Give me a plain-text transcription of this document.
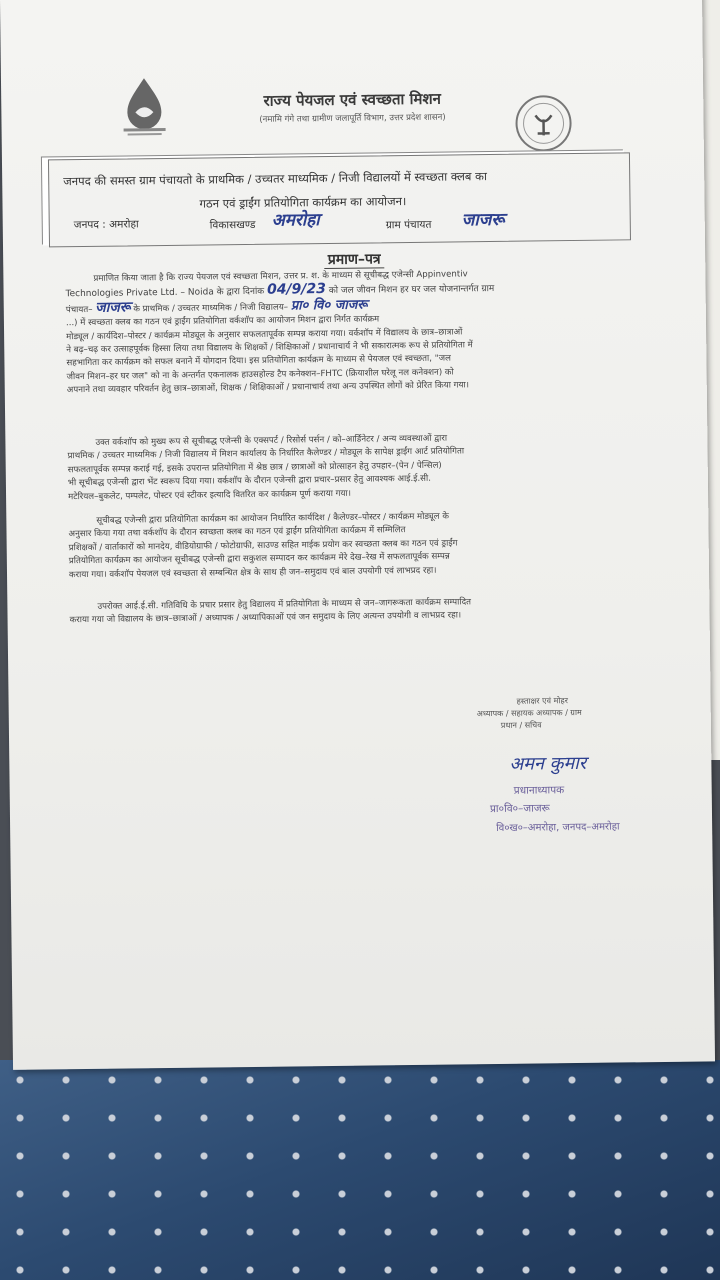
राज्य पेयजल एवं स्वच्छता मिशन
(नमामि गंगे तथा ग्रामीण जलापूर्ति विभाग, उत्तर प्रदेश शासन)
जनपद की समस्त ग्राम पंचायतो के प्राथमिक / उच्चतर माध्यमिक / निजी विद्यालयों में स्वच्छता क्लब का
गठन एवं ड्राईंग प्रतियोगिता कार्यक्रम का आयोजन।
जनपद : अमरोहा	विकासखण्ड अमरोहा	ग्राम पंचायत जाजरू
प्रमाण–पत्र
प्रमाणित किया जाता है कि राज्य पेयजल एवं स्वच्छता मिशन, उत्तर प्र. श. के माध्यम से सूचीबद्ध एजेन्सी Appinventiv
Technologies Private Ltd. – Noida के द्वारा दिनांक 04/9/23 को जल जीवन मिशन हर घर जल योजनान्तर्गत ग्राम
पंचायत– जाजरू के प्राथमिक / उच्चतर माध्यमिक / निजी विद्यालय– प्रा० वि० जाजरू
...) में स्वच्छता क्लब का गठन एवं ड्राईंग प्रतियोगिता वर्कशाॅप का आयोजन मिशन द्वारा निर्गत कार्यक्रम
मोड्यूल / कार्यदिश–पोस्टर / कार्यक्रम मोड्यूल के अनुसार सफलतापूर्वक सम्पन्न कराया गया। वर्कशाॅप में विद्यालय के छात्र–छात्राओं
ने बढ़–चढ़ कर उत्साहपूर्वक हिस्सा लिया तथा विद्यालय के शिक्षकों / शिक्षिकाओं / प्रधानाचार्य ने भी सकारात्मक रूप से प्रतियोगिता में
सहभागिता कर कार्यक्रम को सफल बनाने में योगदान दिया। इस प्रतियोगिता कार्यक्रम के माध्यम से पेयजल एवं स्वच्छता, "जल
जीवन मिशन–हर घर जल" को ना के अन्तर्गत एकनालक हाउसहोल्ड टैप कनेक्शन–FHTC (क्रियाशील घरेलू नल कनेक्शन) को
अपनाने तथा व्यवहार परिवर्तन हेतु छात्र–छात्राओं, शिक्षक / शिक्षिकाओं / प्रधानाचार्य तथा अन्य उपस्थित लोगों को प्रेरित किया गया।
उक्त वर्कशाॅप को मुख्य रूप से सूचीबद्ध एजेन्सी के एक्सपर्ट / रिसोर्स पर्सन / को–आर्डिनेटर / अन्य व्यवस्थाओं द्वारा
प्राथमिक / उच्चतर माध्यमिक / निजी विद्यालय में मिशन कार्यालय के निर्धारित कैलेण्डर / मोड्यूल के सापेक्ष ड्राईंग आर्ट प्रतियोगिता
सफलतापूर्वक सम्पन्न कराई गई, इसके उपरान्त प्रतियोगिता में श्रेष्ठ छात्र / छात्राओं को प्रोत्साहन हेतु उपहार–(पेन / पेन्सिल)
भी सूचीबद्ध एजेन्सी द्वारा भेंट स्वरूप दिया गया। वर्कशाॅप के दौरान एजेन्सी द्वारा प्रचार–प्रसार हेतु आवश्यक आई.ई.सी.
मटेरियल–बुकलेट, पम्पलेट, पोस्टर एवं स्टीकर इत्यादि वितरित कर कार्यक्रम पूर्ण कराया गया।
सूचीबद्ध एजेन्सी द्वारा प्रतियोगिता कार्यक्रम का आयोजन निर्धारित कार्यदिश / कैलेण्डर–पोस्टर / कार्यक्रम मोड्यूल के
अनुसार किया गया तथा वर्कशाॅप के दौरान स्वच्छता क्लब का गठन एवं ड्राईंग प्रतियोगिता कार्यक्रम में सम्मिलित
प्रशिक्षकों / वार्ताकारों को मानदेय, वीडियोग्राफी / फोटोग्राफी, साउण्ड सहित माईक प्रयोग कर स्वच्छता क्लब का गठन एवं ड्राईंग
प्रतियोगिता कार्यक्रम का आयोजन सूचीबद्ध एजेन्सी द्वारा सकुशल सम्पादन कर कार्यक्रम मेरे देख–रेख में सफलतापूर्वक सम्पन्न
कराया गया। वर्कशाॅप पेयजल एवं स्वच्छता से सम्बन्धित क्षेत्र के साथ ही जन–समुदाय एवं बाल उपयोगी एवं लाभप्रद रहा।
उपरोक्त आई.ई.सी. गतिविधि के प्रचार प्रसार हेतु विद्यालय में प्रतियोगिता के माध्यम से जन–जागरूकता कार्यक्रम सम्पादित
कराया गया जो विद्यालय के छात्र–छात्राओं / अध्यापक / अध्यापिकाओं एवं जन समुदाय के लिए अत्यन्त उपयोगी व लाभप्रद रहा।
हस्ताक्षर एवं मोहर
अध्यापक / सहायक अध्यापक / ग्राम
प्रधान / सचिव
अमन कुमार
प्रधानाध्यापक
प्रा०वि०–जाजरू
वि०ख०–अमरोहा, जनपद–अमरोहा
